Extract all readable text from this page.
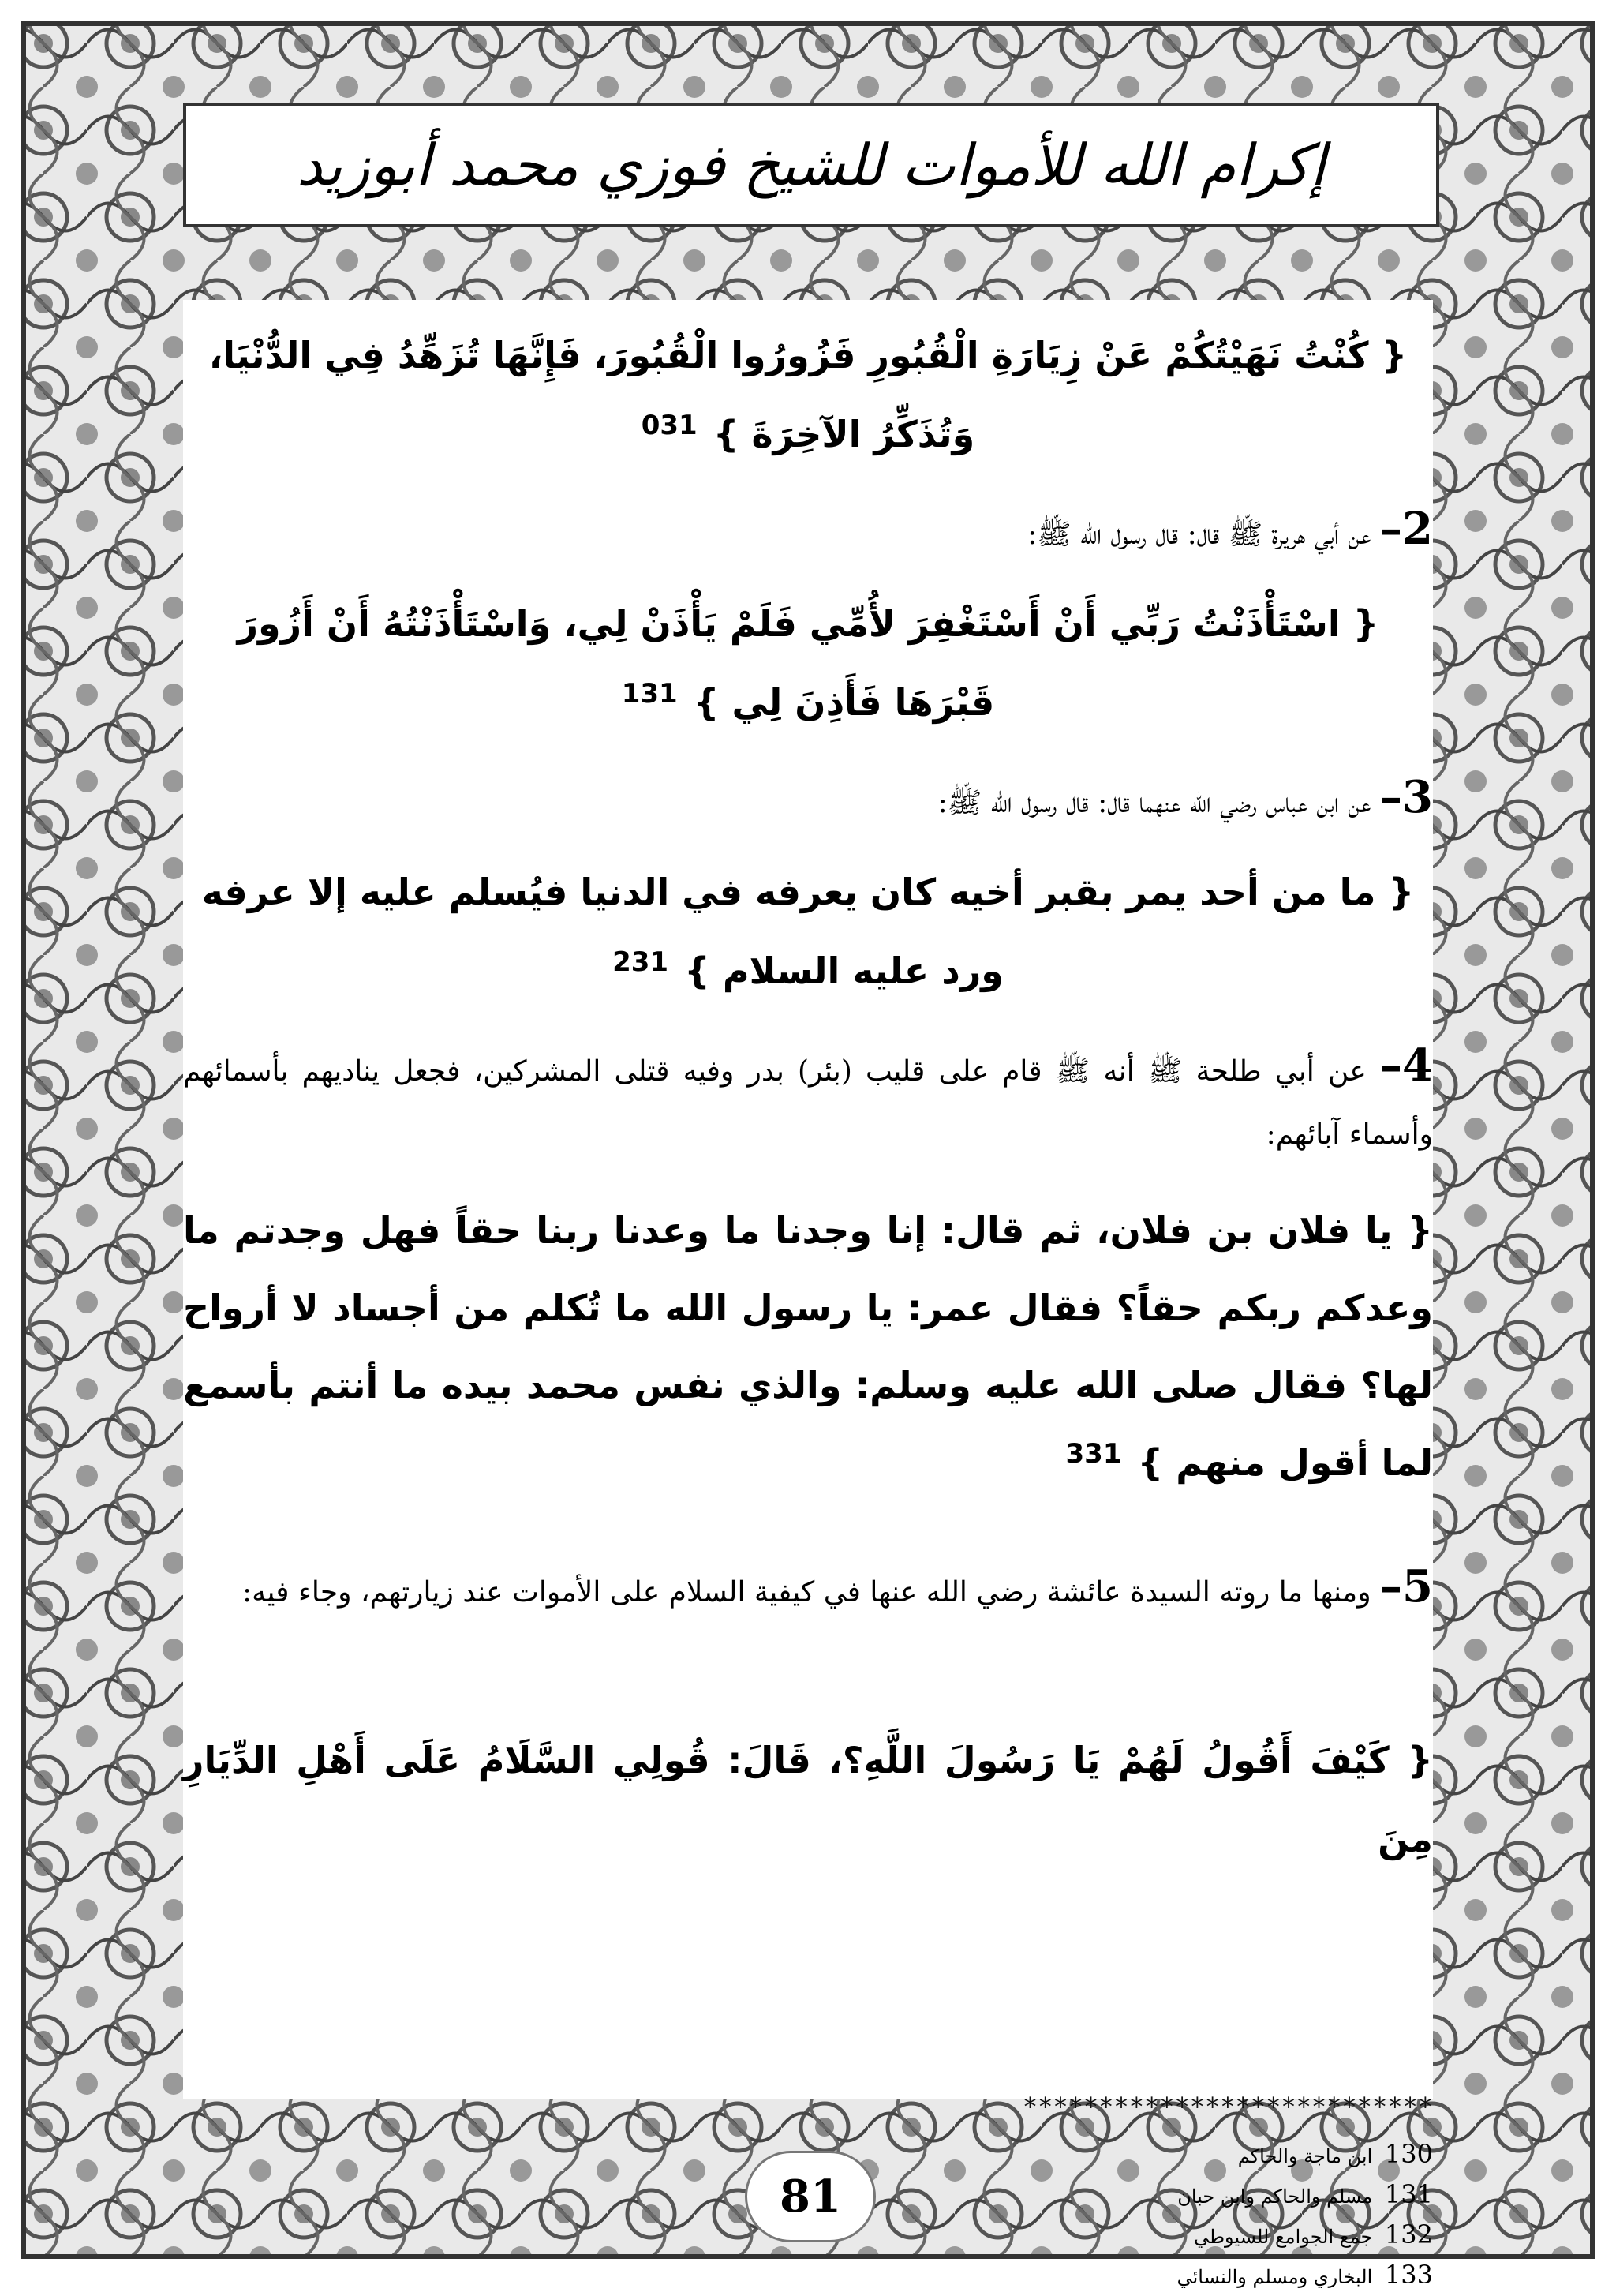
إكرام الله للأموات للشيخ فوزي محمد أبوزيد
{ كُنْتُ نَهَيْتُكُمْ عَنْ زِيَارَةِ الْقُبُورِ فَزُورُوا الْقُبُورَ، فَإِنَّهَا تُزَهِّدُ فِي الدُّنْيَا، وَتُذَكِّرُ الآخِرَةَ }$^{031}$
2– عن أبي هريرة ﷺ قال: قال رسول الله ﷺ:
{ اسْتَأْذَنْتُ رَبِّي أَنْ أَسْتَغْفِرَ لأُمِّي فَلَمْ يَأْذَنْ لِي، وَاسْتَأْذَنْتُهُ أَنْ أَزُورَ قَبْرَهَا فَأَذِنَ لِي }$^{131}$
3– عن ابن عباس رضي الله عنهما قال: قال رسول الله ﷺ:
{ ما من أحد يمر بقبر أخيه كان يعرفه في الدنيا فيُسلم عليه إلا عرفه ورد عليه السلام }$^{231}$
4– عن أبي طلحة ﷺ أنه ﷺ قام على قليب (بئر) بدر وفيه قتلى المشركين، فجعل يناديهم بأسمائهم وأسماء آبائهم:
{ يا فلان بن فلان، ثم قال: إنا وجدنا ما وعدنا ربنا حقاً فهل وجدتم ما وعدكم ربكم حقاً؟ فقال عمر: يا رسول الله ما تُكلم من أجساد لا أرواح لها؟ فقال صلى الله عليه وسلم: والذي نفس محمد بيده ما أنتم بأسمع لما أقول منهم }$^{331}$
5– ومنها ما روته السيدة عائشة رضي الله عنها في كيفية السلام على الأموات عند زيارتهم، وجاء فيه:
{ كَيْفَ أَقُولُ لَهُمْ يَا رَسُولَ اللَّهِ؟، قَالَ: قُولِي السَّلَامُ عَلَى أَهْلِ الدِّيَارِ مِنَ
***************************
130 ابن ماجة والحاكم
131 مسلم والحاكم وابن حبان
132 جمع الجوامع للسيوطي
133 البخاري ومسلم والنسائي
81
